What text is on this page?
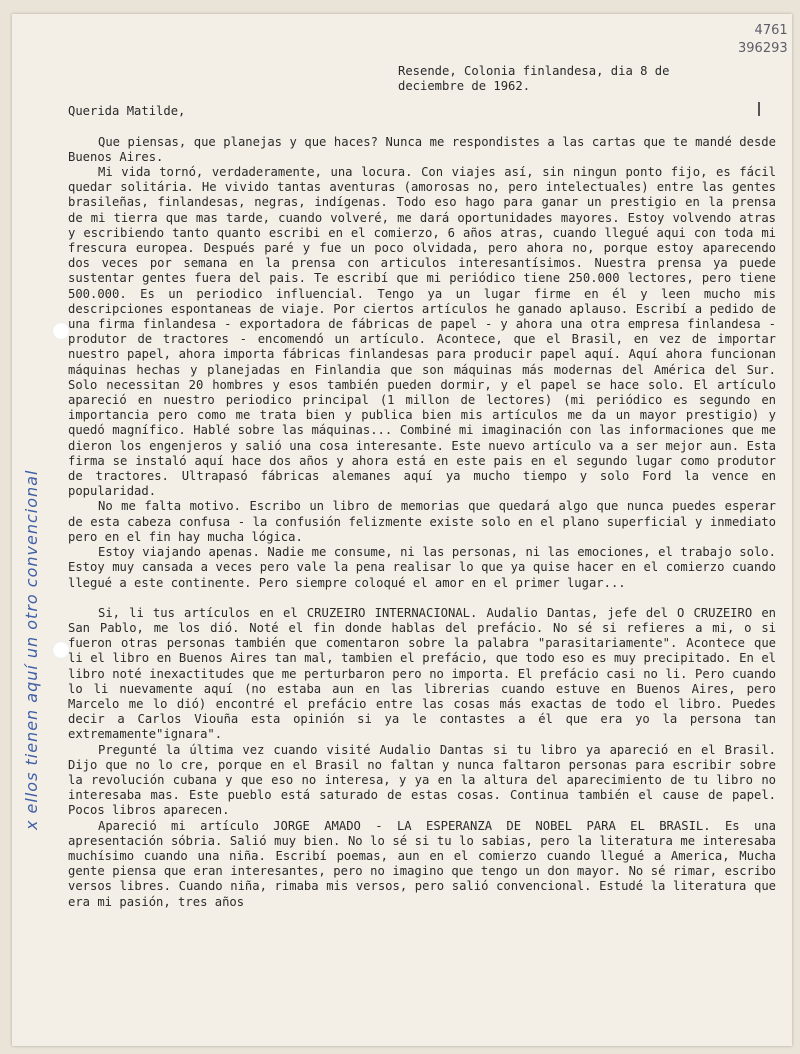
4761
396293
x ellos tienen aquí un otro convencional
Resende, Colonia finlandesa, dia 8 de
deciembre de 1962.
Querida Matilde,

Que piensas, que planejas y que haces? Nunca me respondistes a las cartas que te mandé desde Buenos Aires.

Mi vida tornó, verdaderamente, una locura. Con viajes así, sin ningun ponto fijo, es fácil quedar solitária. He vivido tantas aventuras (amorosas no, pero intelectuales) entre las gentes brasileñas, finlandesas, negras, indígenas. Todo eso hago para ganar un prestigio en la prensa de mi tierra que mas tarde, cuando volveré, me dará oportunidades mayores. Estoy volvendo atras y escribiendo tanto quanto escribi en el comierzo, 6 años atras, cuando llegué aqui con toda mi frescura europea. Después paré y fue un poco olvidada, pero ahora no, porque estoy aparecendo dos veces por semana en la prensa con articulos interesantísimos. Nuestra prensa ya puede sustentar gentes fuera del pais. Te escribí que mi periódico tiene 250.000 lectores, pero tiene 500.000. Es un periodico influencial. Tengo ya un lugar firme en él y leen mucho mis descripciones espontaneas de viaje. Por ciertos artículos he ganado aplauso. Escribí a pedido de una firma finlandesa - exportadora de fábricas de papel - y ahora una otra empresa finlandesa - produtor de tractores - encomendó un artículo. Acontece, que el Brasil, en vez de importar nuestro papel, ahora importa fábricas finlandesas para producir papel aquí. Aquí ahora funcionan máquinas hechas y planejadas en Finlandia que son máquinas más modernas del América del Sur. Solo necessitan 20 hombres y esos también pueden dormir, y el papel se hace solo. El artículo apareció en nuestro periodico principal (1 millon de lectores) (mi periódico es segundo en importancia pero como me trata bien y publica bien mis artículos me da un mayor prestigio) y quedó magnífico. Hablé sobre las máquinas... Combiné mi imaginación con las informaciones que me dieron los engenjeros y salió una cosa interesante. Este nuevo artículo va a ser mejor aun. Esta firma se instaló aquí hace dos años y ahora está en este pais en el segundo lugar como produtor de tractores. Ultrapasó fábricas alemanes aquí ya mucho tiempo y solo Ford la vence en popularidad.

No me falta motivo. Escribo un libro de memorias que quedará algo que nunca puedes esperar de esta cabeza confusa - la confusión felizmente existe solo en el plano superficial y inmediato pero en el fin hay mucha lógica.

Estoy viajando apenas. Nadie me consume, ni las personas, ni las emociones, el trabajo solo. Estoy muy cansada a veces pero vale la pena realisar lo que ya quise hacer en el comierzo cuando llegué a este continente. Pero siempre coloqué el amor en el primer lugar...

Si, li tus artículos en el CRUZEIRO INTERNACIONAL. Audalio Dantas, jefe del O CRUZEIRO en San Pablo, me los dió. Noté el fin donde hablas del prefácio. No sé si refieres a mi, o si fueron otras personas también que comentaron sobre la palabra "parasitariamente". Acontece que li el libro en Buenos Aires tan mal, tambien el prefácio, que todo eso es muy precipitado. En el libro noté inexactitudes que me perturbaron pero no importa. El prefácio casi no li. Pero cuando lo li nuevamente aquí (no estaba aun en las librerias cuando estuve en Buenos Aires, pero Marcelo me lo dió) encontré el prefácio entre las cosas más exactas de todo el libro. Puedes decir a Carlos Viouña esta opinión si ya le contastes a él que era yo la persona tan extremamente"ignara".

Pregunté la última vez cuando visité Audalio Dantas si tu libro ya apareció en el Brasil. Dijo que no lo cre, porque en el Brasil no faltan y nunca faltaron personas para escribir sobre la revolución cubana y que eso no interesa, y ya en la altura del aparecimiento de tu libro no interesaba mas. Este pueblo está saturado de estas cosas. Continua también el cause de papel. Pocos libros aparecen.

Apareció mi artículo JORGE AMADO - LA ESPERANZA DE NOBEL PARA EL BRASIL. Es una apresentación sóbria. Salió muy bien. No lo sé si tu lo sabias, pero la literatura me interesaba muchísimo cuando una niña. Escribí poemas, aun en el comierzo cuando llegué a America, Mucha gente piensa que eran interesantes, pero no imagino que tengo un don mayor. No sé rimar, escribo versos libres. Cuando niña, rimaba mis versos, pero salió convencional. Estudé la literatura que era mi pasión, tres años
